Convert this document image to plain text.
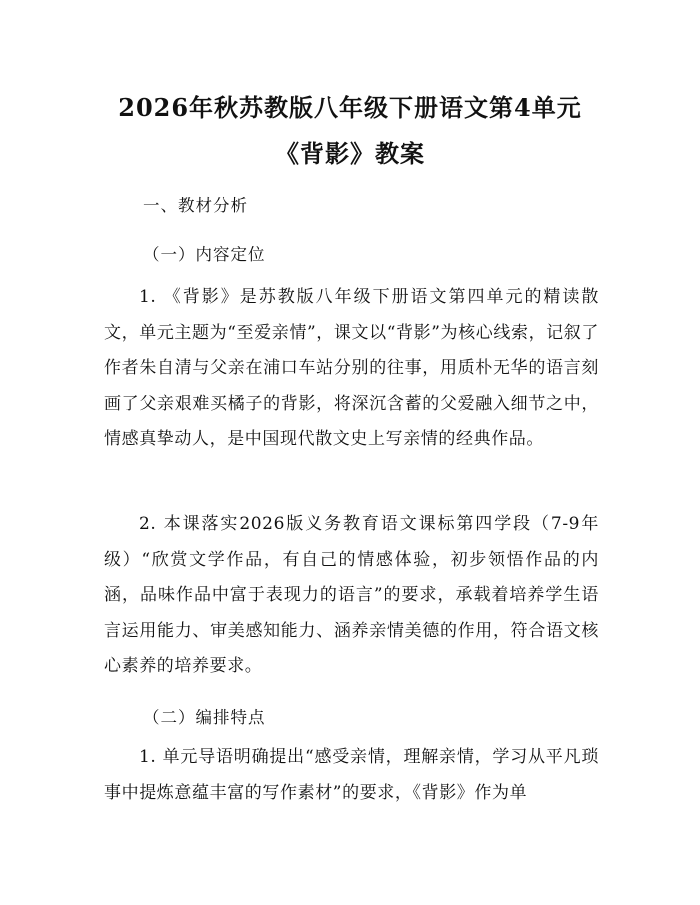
2026年秋苏教版八年级下册语文第4单元
《背影》教案
一、教材分析
（一）内容定位

1. 《背影》是苏教版八年级下册语文第四单元的精读散文，单元主题为“至爱亲情”，课文以“背影”为核心线索，记叙了作者朱自清与父亲在浦口车站分别的往事，用质朴无华的语言刻画了父亲艰难买橘子的背影，将深沉含蓄的父爱融入细节之中，情感真挚动人，是中国现代散文史上写亲情的经典作品。

2. 本课落实2026版义务教育语文课标第四学段（7-9年级）“欣赏文学作品，有自己的情感体验，初步领悟作品的内涵，品味作品中富于表现力的语言”的要求，承载着培养学生语言运用能力、审美感知能力、涵养亲情美德的作用，符合语文核心素养的培养要求。

（二）编排特点

1. 单元导语明确提出“感受亲情，理解亲情，学习从平凡琐事中提炼意蕴丰富的写作素材”的要求，《背影》作为单
